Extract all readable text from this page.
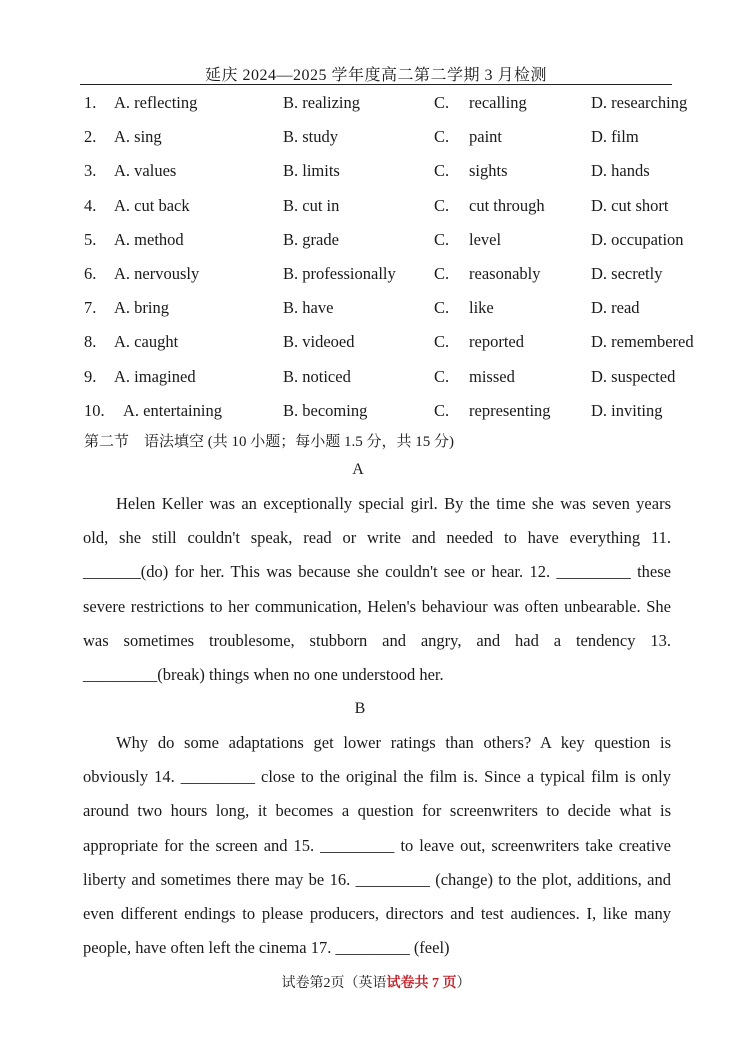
延庆 2024—2025 学年度高二第二学期 3 月检测
1. A. reflecting	B. realizing	C. recalling	D. researching
2. A. sing	B. study	C. paint	D. film
3. A. values	B. limits	C. sights	D. hands
4. A. cut back	B. cut in	C. cut through	D. cut short
5. A. method	B. grade	C. level	D. occupation
6. A. nervously	B. professionally C. reasonably	D. secretly
7. A. bring	B. have	C. like	D. read
8. A. caught	B. videoed	C. reported	D. remembered
9. A. imagined	B. noticed	C. missed	D. suspected
10. A. entertaining	B. becoming	C. representing D. inviting
第二节　语法填空 (共 10 小题；每小题 1.5 分，共 15 分)
A
Helen Keller was an exceptionally special girl. By the time she was seven years old, she still couldn't speak, read or write and needed to have everything 11. _______(do) for her. This was because she couldn't see or hear. 12. _________ these severe restrictions to her communication, Helen's behaviour was often unbearable. She was sometimes troublesome, stubborn and angry, and had a tendency 13. _________(break) things when no one understood her.
B
Why do some adaptations get lower ratings than others? A key question is obviously 14. _________ close to the original the film is. Since a typical film is only around two hours long, it becomes a question for screenwriters to decide what is appropriate for the screen and 15. _________ to leave out, screenwriters take creative liberty and sometimes there may be 16. _________ (change) to the plot, additions, and even different endings to please producers, directors and test audiences. I, like many people, have often left the cinema 17. _________ (feel)
试卷第2页（英语试卷共 7 页）
